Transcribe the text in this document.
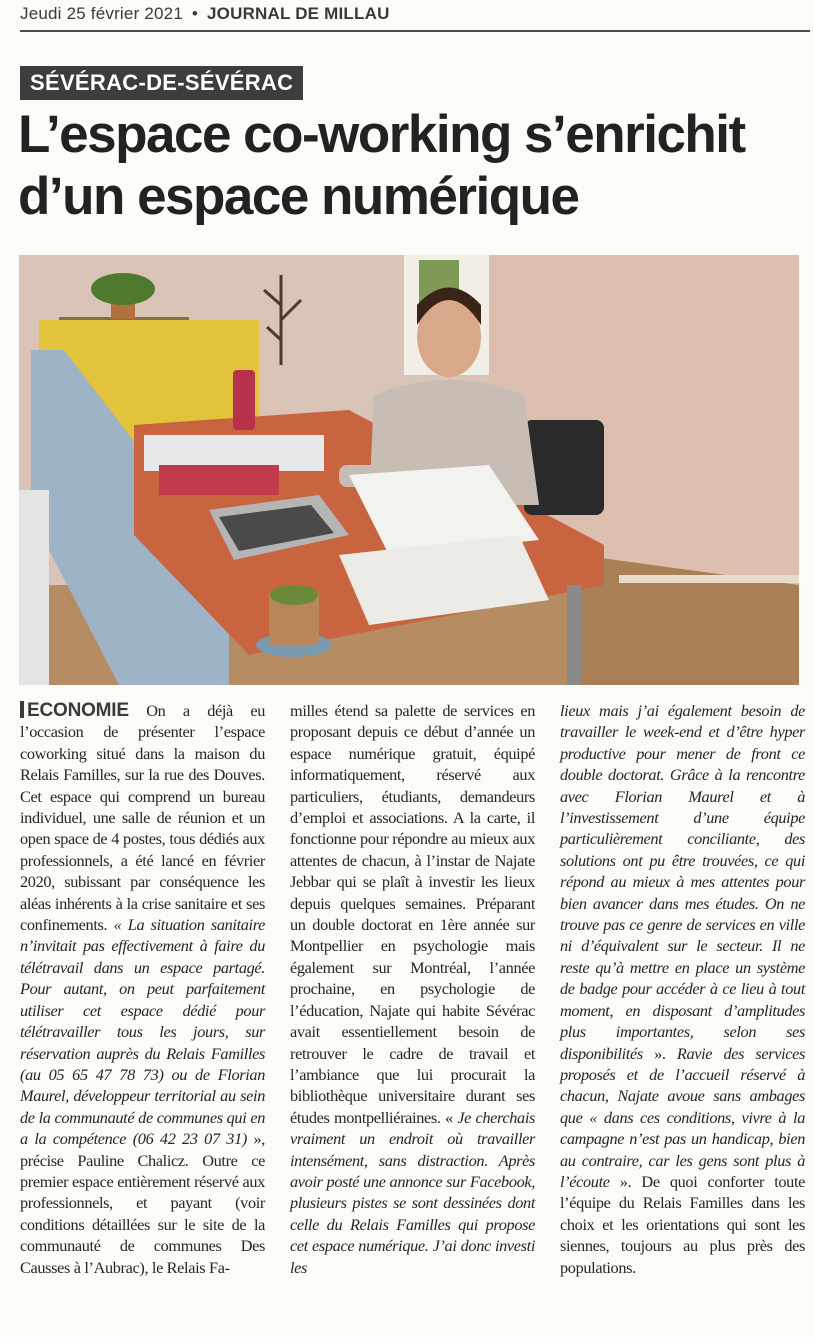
Jeudi 25 février 2021 • JOURNAL DE MILLAU
SÉVÉRAC-DE-SÉVÉRAC
L’espace co-working s’enrichit
d’un espace numérique

ECONOMIE On a déjà eu l’occasion de présenter l’espace coworking situé dans la maison du Relais Familles, sur la rue des Douves. Cet espace qui comprend un bureau individuel, une salle de réunion et un open space de 4 postes, tous dédiés aux professionnels, a été lancé en février 2020, subissant par conséquence les aléas inhérents à la crise sanitaire et ses confinements. « La situation sanitaire n’invitait pas effectivement à faire du télétravail dans un espace partagé. Pour autant, on peut parfaitement utiliser cet espace dédié pour télétravailler tous les jours, sur réservation auprès du Relais Familles (au 05 65 47 78 73) ou de Florian Maurel, développeur territorial au sein de la communauté de communes qui en a la compétence (06 42 23 07 31) », précise Pauline Chalicz. Outre ce premier espace entièrement réservé aux professionnels, et payant (voir conditions détaillées sur le site de la communauté de communes Des Causses à l’Aubrac), le Relais Fa-

milles étend sa palette de services en proposant depuis ce début d’année un espace numérique gratuit, équipé informatiquement, réservé aux particuliers, étudiants, demandeurs d’emploi et associations. A la carte, il fonctionne pour répondre au mieux aux attentes de chacun, à l’instar de Najate Jebbar qui se plaît à investir les lieux depuis quelques semaines. Préparant un double doctorat en 1ère année sur Montpellier en psychologie mais également sur Montréal, l’année prochaine, en psychologie de l’éducation, Najate qui habite Sévérac avait essentiellement besoin de retrouver le cadre de travail et l’ambiance que lui procurait la bibliothèque universitaire durant ses études montpelliéraines. « Je cherchais vraiment un endroit où travailler intensément, sans distraction. Après avoir posté une annonce sur Facebook, plusieurs pistes se sont dessinées dont celle du Relais Familles qui propose cet espace numérique. J’ai donc investi les

lieux mais j’ai également besoin de travailler le week-end et d’être hyper productive pour mener de front ce double doctorat. Grâce à la rencontre avec Florian Maurel et à l’investissement d’une équipe particulièrement conciliante, des solutions ont pu être trouvées, ce qui répond au mieux à mes attentes pour bien avancer dans mes études. On ne trouve pas ce genre de services en ville ni d’équivalent sur le secteur. Il ne reste qu’à mettre en place un système de badge pour accéder à ce lieu à tout moment, en disposant d’amplitudes plus importantes, selon ses disponibilités ». Ravie des services proposés et de l’accueil réservé à chacun, Najate avoue sans ambages que « dans ces conditions, vivre à la campagne n’est pas un handicap, bien au contraire, car les gens sont plus à l’écoute ». De quoi conforter toute l’équipe du Relais Familles dans les choix et les orientations qui sont les siennes, toujours au plus près des populations.
